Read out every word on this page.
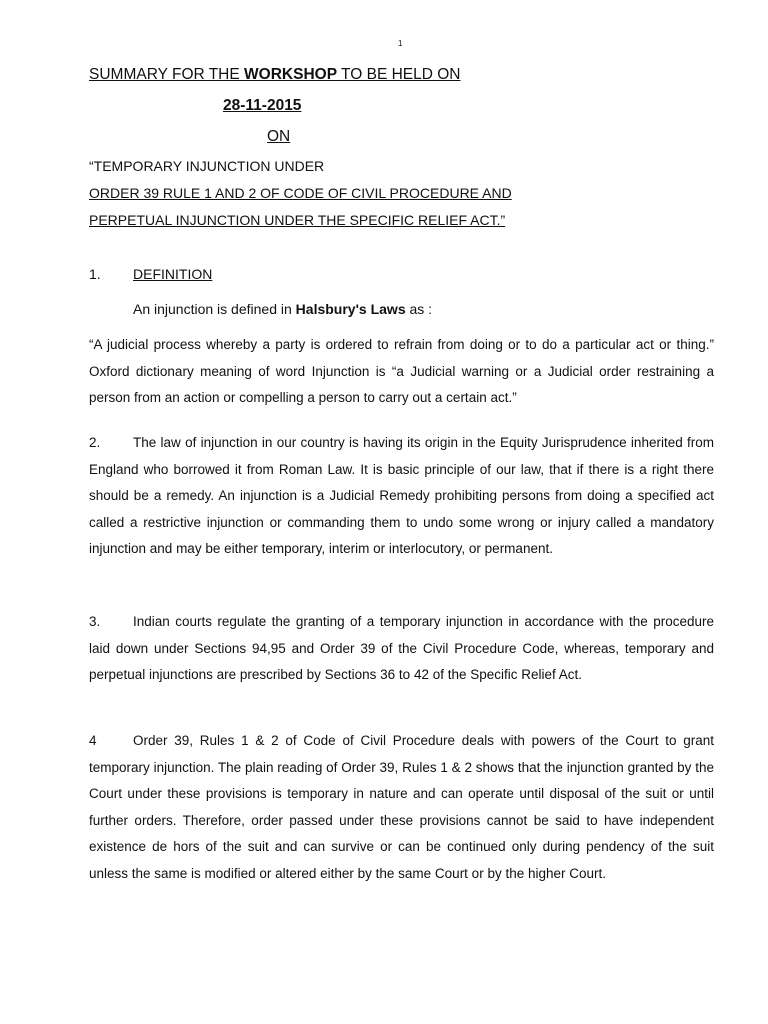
1
SUMMARY FOR THE WORKSHOP TO BE HELD ON
28-11-2015
ON
“TEMPORARY INJUNCTION UNDER
ORDER 39 RULE 1 AND 2 OF CODE OF CIVIL PROCEDURE AND
PERPETUAL INJUNCTION UNDER THE SPECIFIC RELIEF ACT.”
1. DEFINITION
An injunction is defined in Halsbury's Laws as :
“A judicial process whereby a party is ordered to refrain from doing or to do a particular act or thing.” Oxford dictionary meaning of word Injunction is “a Judicial warning or a Judicial order restraining a person from an action or compelling a person to carry out a certain act.”
2. The law of injunction in our country is having its origin in the Equity Jurisprudence inherited from England who borrowed it from Roman Law. It is basic principle of our law, that if there is a right there should be a remedy. An injunction is a Judicial Remedy prohibiting persons from doing a specified act called a restrictive injunction or commanding them to undo some wrong or injury called a mandatory injunction and may be either temporary, interim or interlocutory, or permanent.
3. Indian courts regulate the granting of a temporary injunction in accordance with the procedure laid down under Sections 94,95 and Order 39 of the Civil Procedure Code, whereas, temporary and perpetual injunctions are prescribed by Sections 36 to 42 of the Specific Relief Act.
4	Order 39, Rules 1 & 2 of Code of Civil Procedure deals with powers of the Court to grant temporary injunction. The plain reading of Order 39, Rules 1 & 2 shows that the injunction granted by the Court under these provisions is temporary in nature and can operate until disposal of the suit or until further orders. Therefore, order passed under these provisions cannot be said to have independent existence de hors of the suit and can survive or can be continued only during pendency of the suit unless the same is modified or altered either by the same Court or by the higher Court.
